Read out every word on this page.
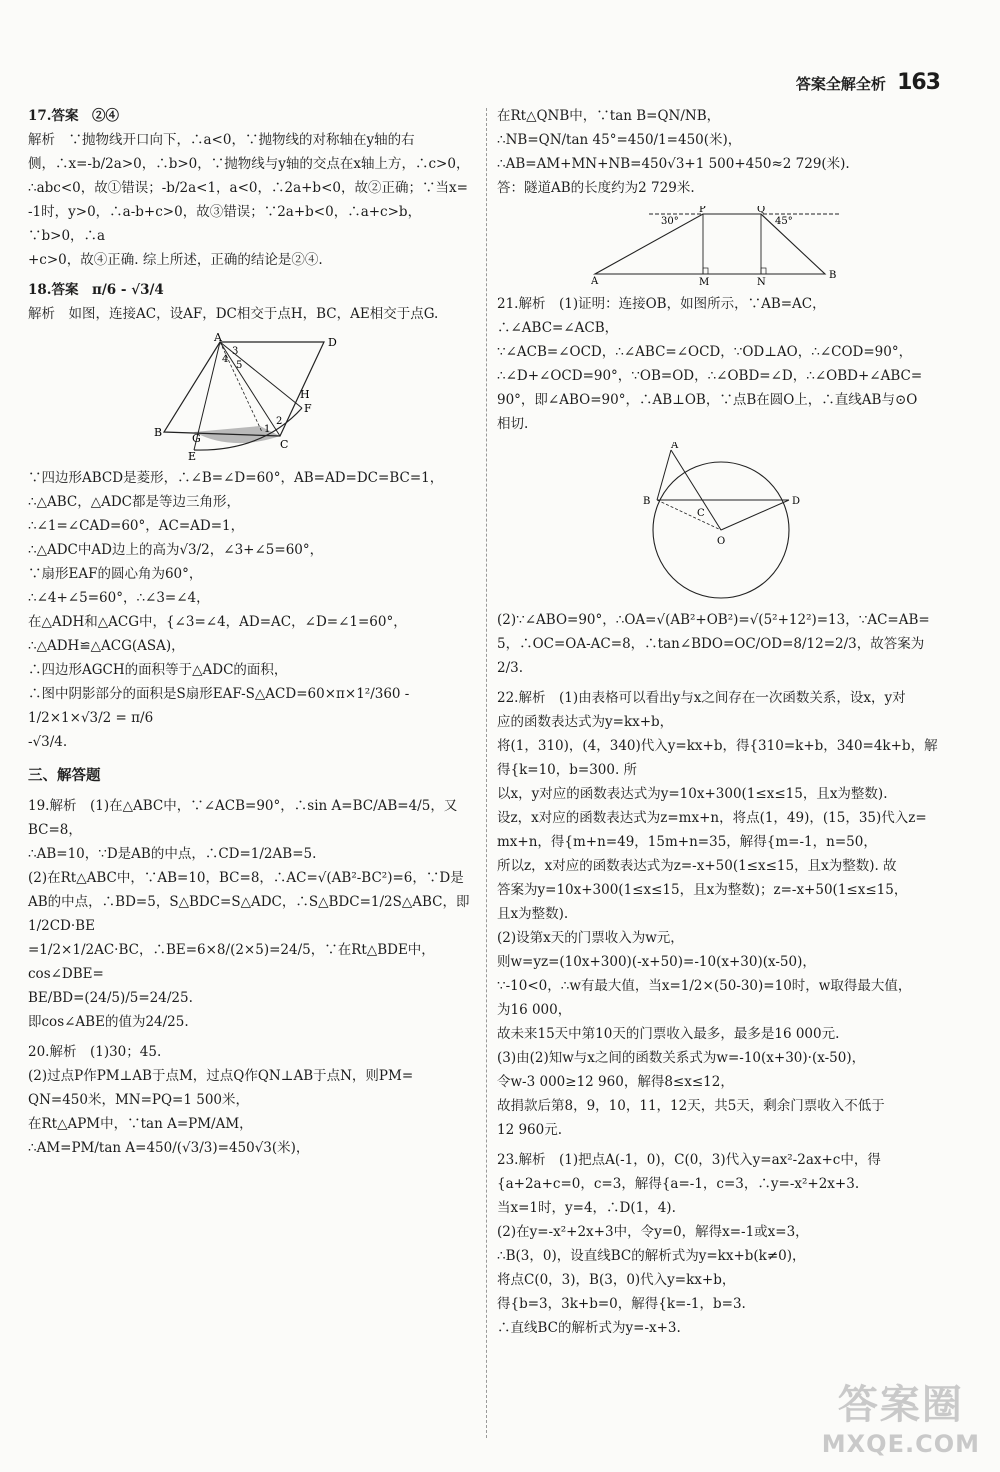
答案全解全析 163

17.答案　②④

解析　∵抛物线开口向下，∴a<0，∵抛物线的对称轴在y轴的右

侧，∴x=-b/2a>0，∴b>0，∵抛物线与y轴的交点在x轴上方，∴c>0，

∴abc<0，故①错误；-b/2a<1，a<0，∴2a+b<0，故②正确；∵当x=

-1时，y>0，∴a-b+c>0，故③错误；∵2a+b<0，∴a+c>b，∵b>0，∴a

+c>0，故④正确. 综上所述，正确的结论是②④.

18.答案　π/6 - √3/4

解析　如图，连接AC，设AF，DC相交于点H，BC，AE相交于点G.

A	D
B
C
E
F
G
H
1
2
3
4
5

∵四边形ABCD是菱形，∴∠B=∠D=60°，AB=AD=DC=BC=1，

∴△ABC，△ADC都是等边三角形，

∴∠1=∠CAD=60°，AC=AD=1，

∴△ADC中AD边上的高为√3/2，∠3+∠5=60°，

∵扇形EAF的圆心角为60°，

∴∠4+∠5=60°，∴∠3=∠4，

在△ADH和△ACG中，{∠3=∠4，AD=AC，∠D=∠1=60°，

∴△ADH≌△ACG(ASA)，

∴四边形AGCH的面积等于△ADC的面积，

∴图中阴影部分的面积是S扇形EAF-S△ACD=60×π×1²/360 - 1/2×1×√3/2 = π/6

-√3/4.

三、解答题

19.解析　(1)在△ABC中，∵∠ACB=90°，∴sin A=BC/AB=4/5，又BC=8，

∴AB=10，∵D是AB的中点，∴CD=1/2AB=5.

(2)在Rt△ABC中，∵AB=10，BC=8，∴AC=√(AB²-BC²)=6，∵D是

AB的中点，∴BD=5，S△BDC=S△ADC，∴S△BDC=1/2S△ABC，即1/2CD·BE

=1/2×1/2AC·BC，∴BE=6×8/(2×5)=24/5，∵在Rt△BDE中，cos∠DBE=

BE/BD=(24/5)/5=24/25.

即cos∠ABE的值为24/25.

20.解析　(1)30；45.

(2)过点P作PM⊥AB于点M，过点Q作QN⊥AB于点N，则PM=

QN=450米，MN=PQ=1 500米，

在Rt△APM中，∵tan A=PM/AM，

∴AM=PM/tan A=450/(√3/3)=450√3(米)，

在Rt△QNB中，∵tan B=QN/NB，

∴NB=QN/tan 45°=450/1=450(米)，

∴AB=AM+MN+NB=450√3+1 500+450≈2 729(米).

答：隧道AB的长度约为2 729米.

30°	45°
P	Q
A	M	N
B

21.解析　(1)证明：连接OB，如图所示，∵AB=AC，∴∠ABC=∠ACB，

∵∠ACB=∠OCD，∴∠ABC=∠OCD，∵OD⊥AO，∴∠COD=90°，

∴∠D+∠OCD=90°，∵OB=OD，∴∠OBD=∠D，∴∠OBD+∠ABC=

90°，即∠ABO=90°，∴AB⊥OB，∵点B在圆O上，∴直线AB与⊙O

相切.

A
B
C
D
O

(2)∵∠ABO=90°，∴OA=√(AB²+OB²)=√(5²+12²)=13，∵AC=AB=

5，∴OC=OA-AC=8，∴tan∠BDO=OC/OD=8/12=2/3，故答案为2/3.

22.解析　(1)由表格可以看出y与x之间存在一次函数关系，设x，y对

应的函数表达式为y=kx+b，

将(1，310)，(4，340)代入y=kx+b，得{310=k+b，340=4k+b，解得{k=10，b=300. 所

以x，y对应的函数表达式为y=10x+300(1≤x≤15，且x为整数).

设z，x对应的函数表达式为z=mx+n，将点(1，49)，(15，35)代入z=

mx+n，得{m+n=49，15m+n=35，解得{m=-1，n=50，

所以z，x对应的函数表达式为z=-x+50(1≤x≤15，且x为整数). 故

答案为y=10x+300(1≤x≤15，且x为整数)；z=-x+50(1≤x≤15，

且x为整数).

(2)设第x天的门票收入为w元，

则w=yz=(10x+300)(-x+50)=-10(x+30)(x-50)，

∵-10<0，∴w有最大值，当x=1/2×(50-30)=10时，w取得最大值，

为16 000，

故未来15天中第10天的门票收入最多，最多是16 000元.

(3)由(2)知w与x之间的函数关系式为w=-10(x+30)·(x-50)，

令w-3 000≥12 960，解得8≤x≤12，

故捐款后第8，9，10，11，12天，共5天，剩余门票收入不低于

12 960元.

23.解析　(1)把点A(-1，0)，C(0，3)代入y=ax²-2ax+c中，得

{a+2a+c=0，c=3，解得{a=-1，c=3，∴y=-x²+2x+3.

当x=1时，y=4，∴D(1，4).

(2)在y=-x²+2x+3中，令y=0，解得x=-1或x=3，

∴B(3，0)，设直线BC的解析式为y=kx+b(k≠0)，

将点C(0，3)，B(3，0)代入y=kx+b，

得{b=3，3k+b=0，解得{k=-1，b=3.

∴直线BC的解析式为y=-x+3.

答案圈
MXQE.COM
